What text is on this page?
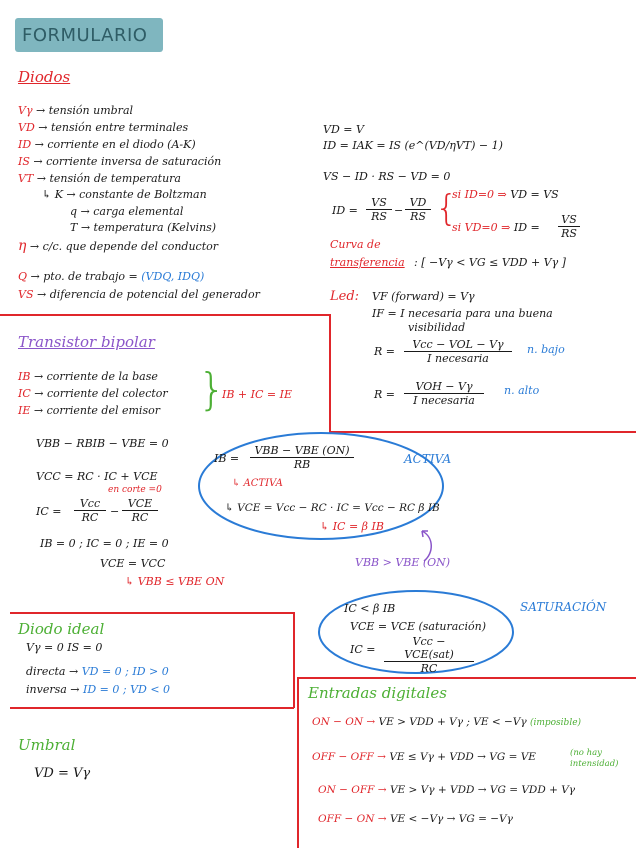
FORMULARIO
Diodos
Vγ → tensión umbral
VD → tensión entre terminales
ID → corriente en el diodo (A-K)
IS → corriente inversa de saturación
VT → tensión de temperatura
↳ K → constante de Boltzman
q → carga elemental
T → temperatura (Kelvins)
η → c/c. que depende del conductor
Q → pto. de trabajo = (VDQ, IDQ)
VS → diferencia de potencial del generador
VD = V
ID = IAK = IS (e^(VD/ηVT) − 1)
VS − ID · RS − VD = 0
ID = $\frac{VS}{RS} - \frac{VD}{RS}$ {
si ID=0 ⇒ VD = VS
si VD=0 ⇒ ID = $\frac{VS}{RS}$
Curva de
transferencia : [ −Vγ < VG ≤ VDD + Vγ ]
Led: VF (forward) = Vγ
IF = I necesaria para una buena
visibilidad
R =
Vcc − VOL − Vγ
I necesaria
n. bajo
R =
VOH − Vγ
I necesaria
n. alto
Transistor bipolar
IB → corriente de la base
IC → corriente del colector
IE → corriente del emisor }
IB + IC = IE
VBB − RBIB − VBE = 0
VCC = RC · IC + VCE
IC =
Vcc
RC	−
VCE
RC
en corte =0
IB = 0 ; IC = 0 ; IE = 0
VCE = VCC
↳ VBB ≤ VBE ON
ACTIVA
IB =
VBB − VBE (ON)
RB
↳ ACTIVA
↳ VCE = Vcc − RC · IC = Vcc − RC β IB
↳ IC = β IB
VBB > VBE (ON)
SATURACIÓN
IC < β IB
VCE = VCE (saturación)
IC =
Vcc − VCE(sat)
RC
Diodo ideal
Vγ = 0 IS = 0
directa → VD = 0 ; ID > 0
inversa → ID = 0 ; VD < 0
Umbral
VD = Vγ
Entradas digitales
ON − ON → VE > VDD + Vγ ; VE < −Vγ (imposible)
OFF − OFF → VE ≤ Vγ + VDD → VG = VE	(no hay intensidad)
ON − OFF → VE > Vγ + VDD → VG = VDD + Vγ
OFF − ON → VE < −Vγ → VG = −Vγ
